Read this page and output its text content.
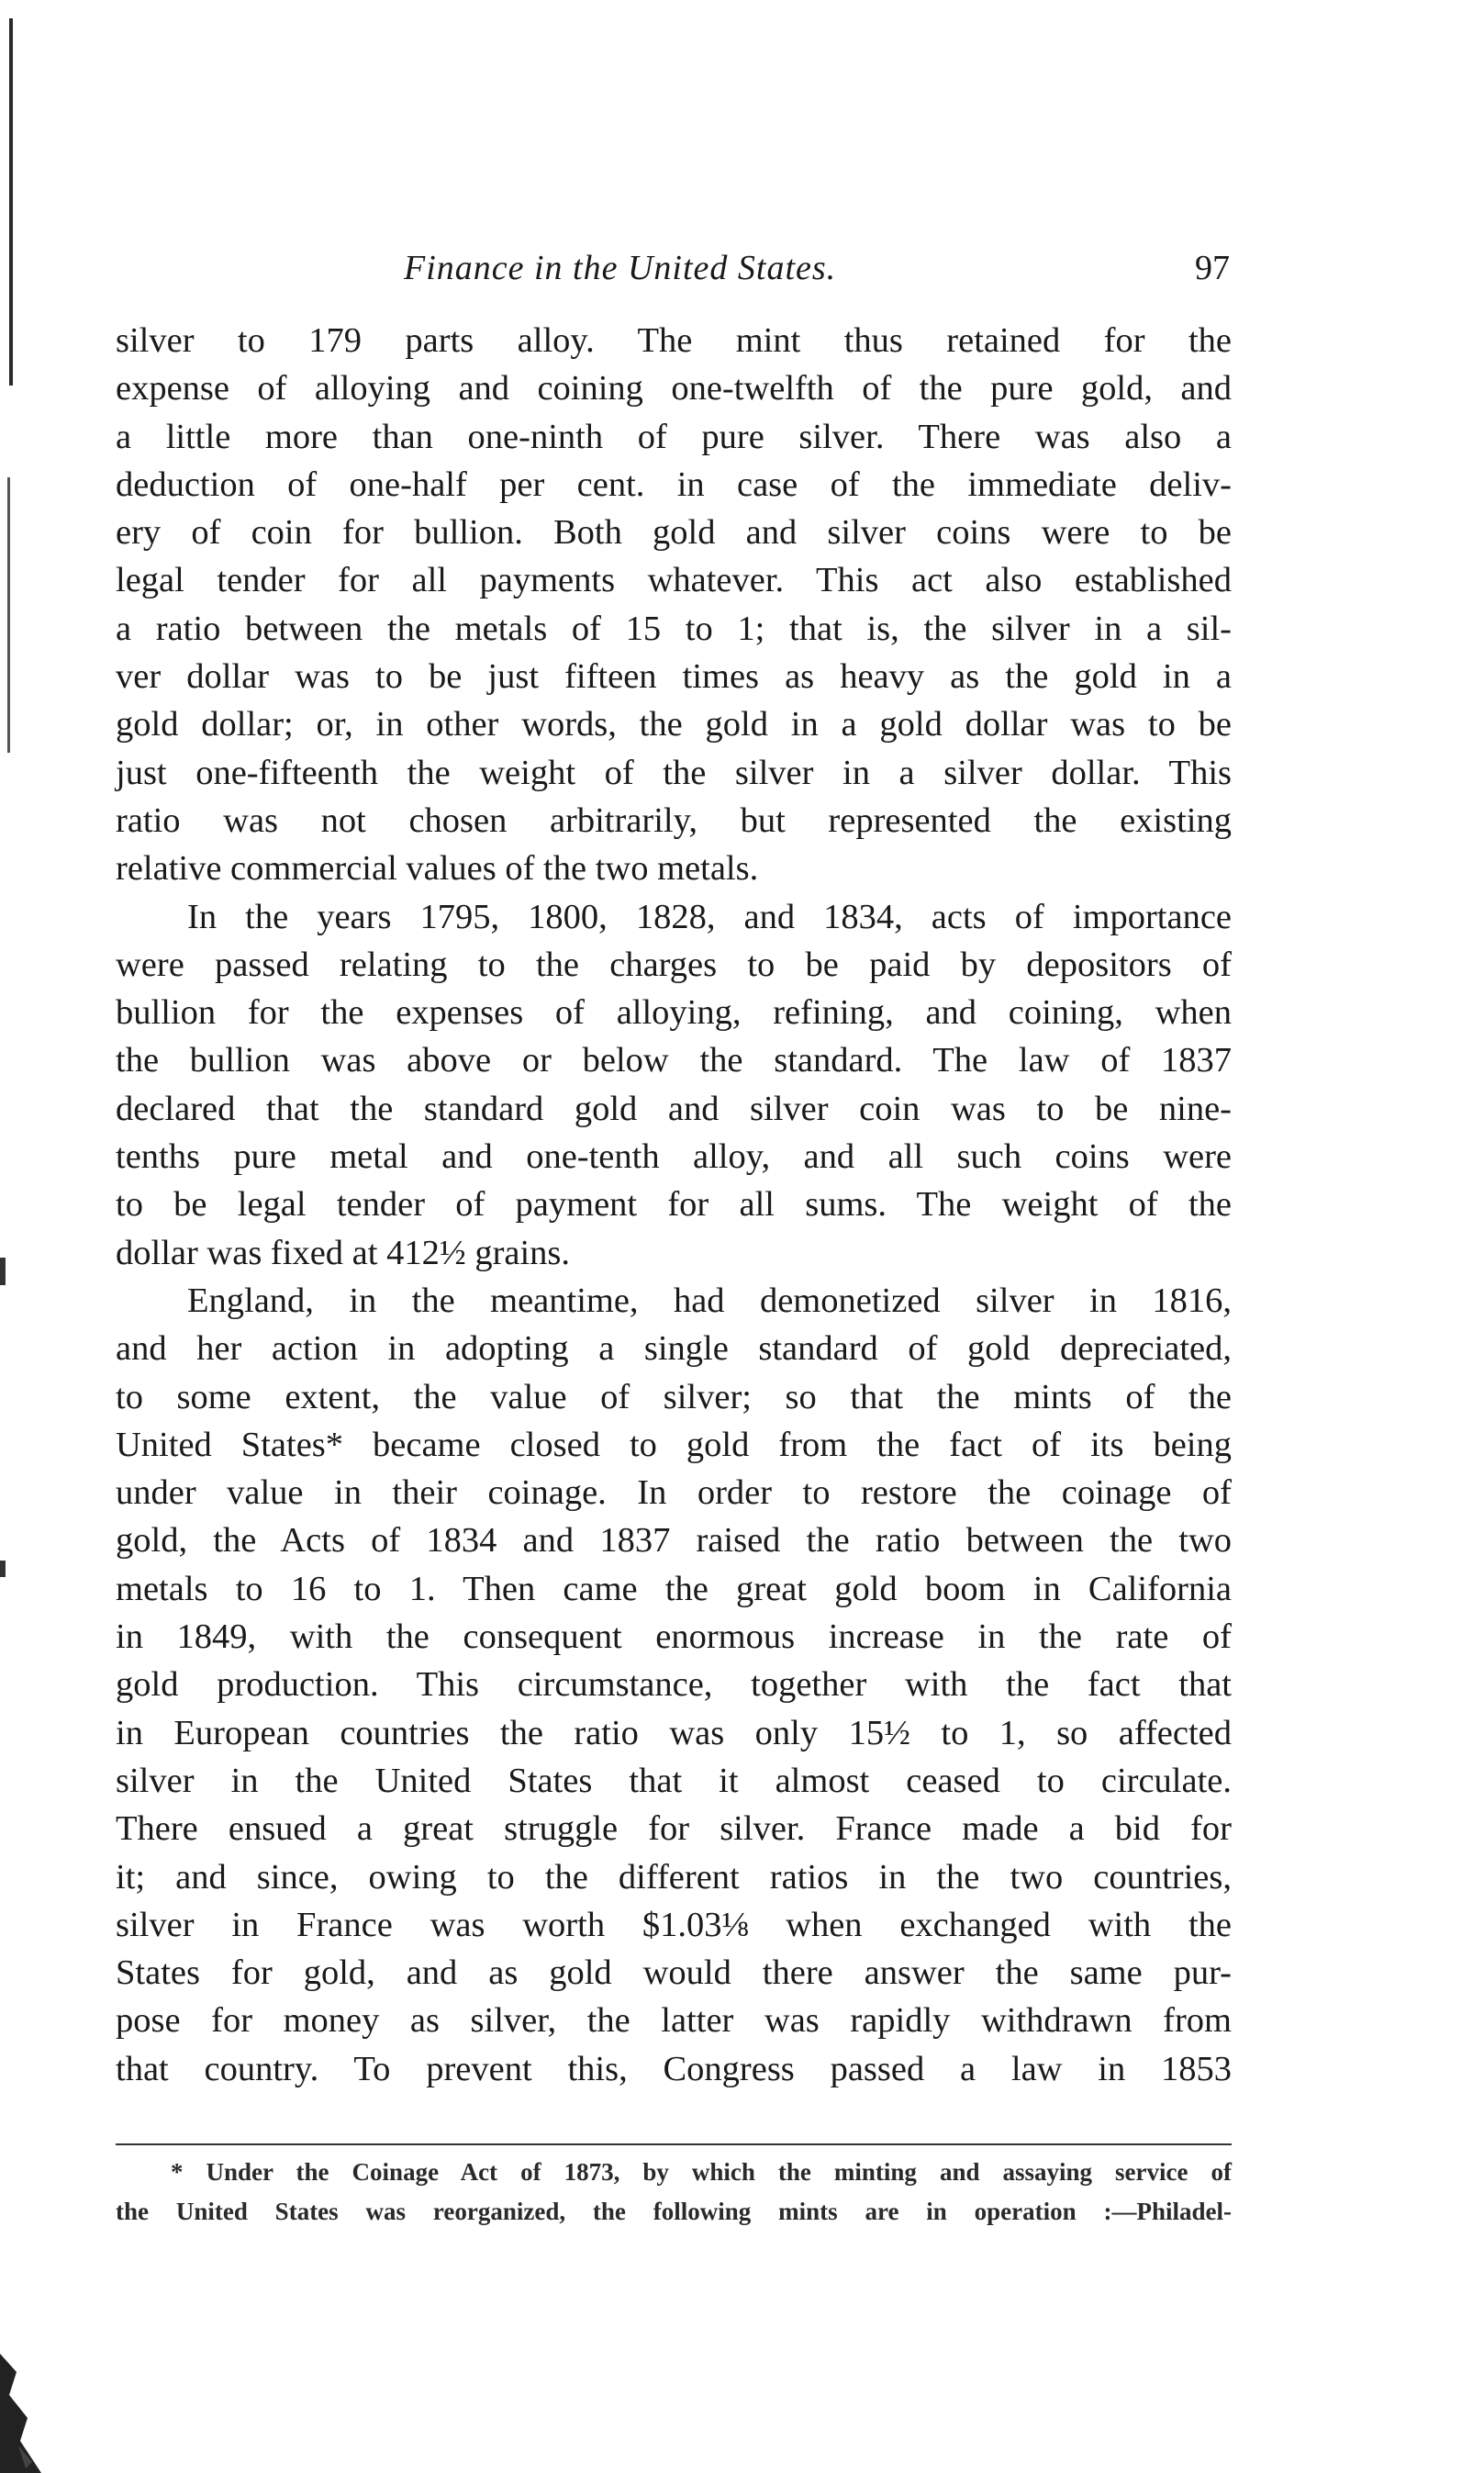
Finance in the United States.	97
silver to 179 parts alloy. The mint thus retained for the
expense of alloying and coining one-twelfth of the pure gold, and
a little more than one-ninth of pure silver. There was also a
deduction of one-half per cent. in case of the immediate deliv-
ery of coin for bullion. Both gold and silver coins were to be
legal tender for all payments whatever. This act also established
a ratio between the metals of 15 to 1; that is, the silver in a sil-
ver dollar was to be just fifteen times as heavy as the gold in a
gold dollar; or, in other words, the gold in a gold dollar was to be
just one-fifteenth the weight of the silver in a silver dollar. This
ratio was not chosen arbitrarily, but represented the existing
relative commercial values of the two metals.
In the years 1795, 1800, 1828, and 1834, acts of importance
were passed relating to the charges to be paid by depositors of
bullion for the expenses of alloying, refining, and coining, when
the bullion was above or below the standard. The law of 1837
declared that the standard gold and silver coin was to be nine-
tenths pure metal and one-tenth alloy, and all such coins were
to be legal tender of payment for all sums. The weight of the
dollar was fixed at 412½ grains.
England, in the meantime, had demonetized silver in 1816,
and her action in adopting a single standard of gold depreciated,
to some extent, the value of silver; so that the mints of the
United States* became closed to gold from the fact of its being
under value in their coinage. In order to restore the coinage of
gold, the Acts of 1834 and 1837 raised the ratio between the two
metals to 16 to 1. Then came the great gold boom in California
in 1849, with the consequent enormous increase in the rate of
gold production. This circumstance, together with the fact that
in European countries the ratio was only 15½ to 1, so affected
silver in the United States that it almost ceased to circulate.
There ensued a great struggle for silver. France made a bid for
it; and since, owing to the different ratios in the two countries,
silver in France was worth $1.03⅛ when exchanged with the
States for gold, and as gold would there answer the same pur-
pose for money as silver, the latter was rapidly withdrawn from
that country. To prevent this, Congress passed a law in 1853
* Under the Coinage Act of 1873, by which the minting and assaying service of
the United States was reorganized, the following mints are in operation :—Philadel-
